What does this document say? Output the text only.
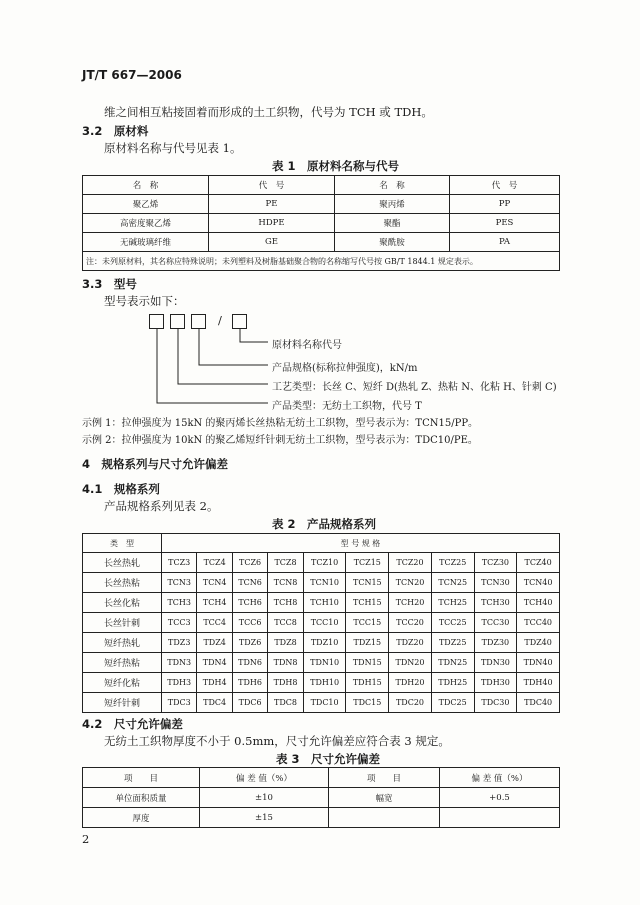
JT/T 667—2006
维之间相互粘接固着而形成的土工织物，代号为 TCH 或 TDH。
3.2　 原材料
原材料名称与代号见表 1。
表 1　原材料名称与代号
名　称	代　号	名　称	代　号
聚乙烯	PE	聚丙烯	PP
高密度聚乙烯	HDPE	聚酯	PES
无碱玻璃纤维	GE	聚酰胺	PA
注：未列原材料，其名称应特殊说明；未列塑料及树脂基础聚合物的名称缩写代号按 GB/T 1844.1 规定表示。			
3.3　 型号
型号表示如下：
/
原材料名称代号
产品规格(标称拉伸强度)，kN/m
工艺类型：长丝 C、短纤 D(热轧 Z、热粘 N、化粘 H、针刺 C)
产品类型：无纺土工织物，代号 T
示例 1：拉伸强度为 15kN 的聚丙烯长丝热粘无纺土工织物，型号表示为：TCN15/PP。
示例 2：拉伸强度为 10kN 的聚乙烯短纤针刺无纺土工织物，型号表示为：TDC10/PE。
4　 规格系列与尺寸允许偏差
4.1　 规格系列
产品规格系列见表 2。
表 2　产品规格系列
类　型	型 号 规 格									
长丝热轧	TCZ3	TCZ4	TCZ6	TCZ8	TCZ10	TCZ15	TCZ20	TCZ25	TCZ30	TCZ40
长丝热粘	TCN3	TCN4	TCN6	TCN8	TCN10	TCN15	TCN20	TCN25	TCN30	TCN40
长丝化粘	TCH3	TCH4	TCH6	TCH8	TCH10	TCH15	TCH20	TCH25	TCH30	TCH40
长丝针刺	TCC3	TCC4	TCC6	TCC8	TCC10	TCC15	TCC20	TCC25	TCC30	TCC40
短纤热轧	TDZ3	TDZ4	TDZ6	TDZ8	TDZ10	TDZ15	TDZ20	TDZ25	TDZ30	TDZ40
短纤热粘	TDN3	TDN4	TDN6	TDN8	TDN10	TDN15	TDN20	TDN25	TDN30	TDN40
短纤化粘	TDH3	TDH4	TDH6	TDH8	TDH10	TDH15	TDH20	TDH25	TDH30	TDH40
短纤针刺	TDC3	TDC4	TDC6	TDC8	TDC10	TDC15	TDC20	TDC25	TDC30	TDC40
4.2　 尺寸允许偏差
无纺土工织物厚度不小于 0.5mm，尺寸允许偏差应符合表 3 规定。
表 3　尺寸允许偏差
项　　目	偏 差 值（%）	项　　目	偏 差 值（%）
单位面积质量	±10	幅宽	+0.5
厚度	±15		
2
